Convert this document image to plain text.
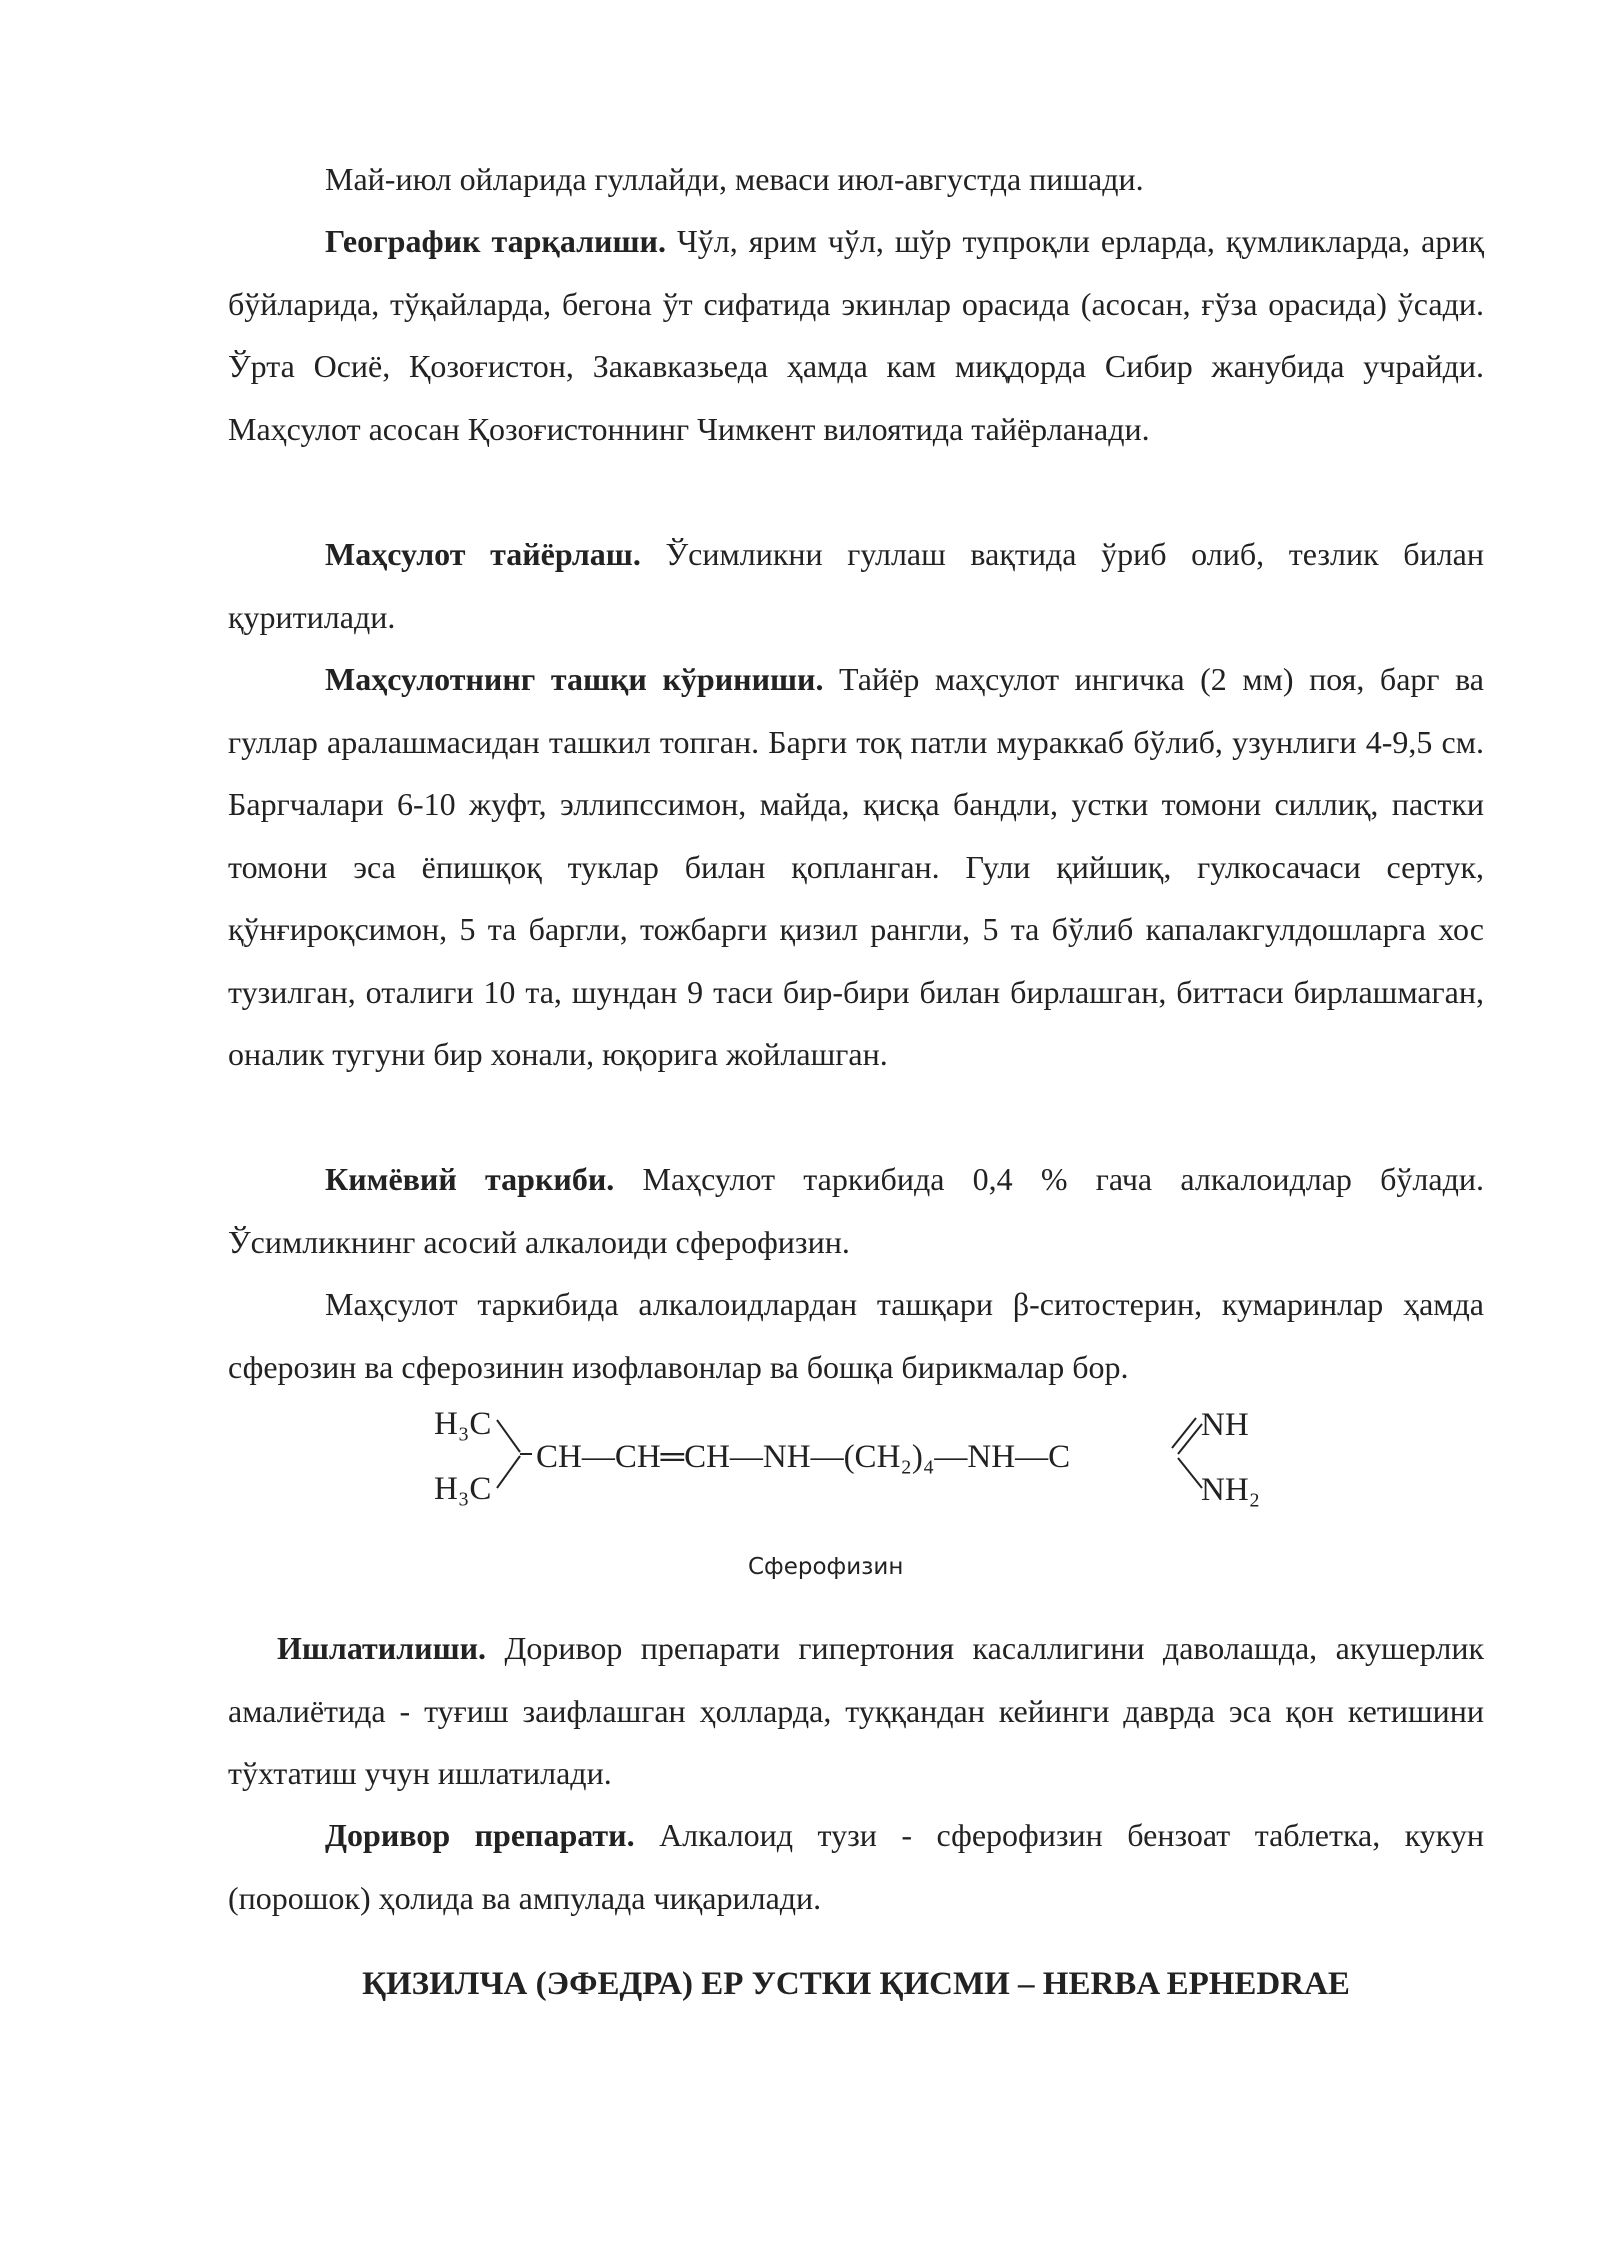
Май-июл ойларида гуллайди, меваси июл-августда пишади.

Географик тарқалиши. Чўл, ярим чўл, шўр тупроқли ерларда, қумликларда, ариқ бўйларида, тўқайларда, бегона ўт сифатида экинлар орасида (асосан, ғўза орасида) ўсади. Ўрта Осиё, Қозоғистон, Закавказьеда ҳамда кам миқдорда Сибир жанубида учрайди. Маҳсулот асосан Қозоғистоннинг Чимкент вилоятида тайёрланади.

Маҳсулот тайёрлаш. Ўсимликни гуллаш вақтида ўриб олиб, тезлик билан қуритилади.

Маҳсулотнинг ташқи кўриниши. Тайёр маҳсулот ингичка (2 мм) поя, барг ва гуллар аралашмасидан ташкил топган. Барги тоқ патли мураккаб бўлиб, узунлиги 4-9,5 см. Баргчалари 6-10 жуфт, эллипссимон, майда, қисқа бандли, устки томони силлиқ, пастки томони эса ёпишқоқ туклар билан қопланган. Гули қийшиқ, гулкосачаси сертук, қўнғироқсимон, 5 та баргли, тожбарги қизил рангли, 5 та бўлиб капалакгулдошларга хос тузилган, оталиги 10 та, шундан 9 таси бир-бири билан бирлашган, биттаси бирлашмаган, оналик тугуни бир хонали, юқорига жойлашган.

Кимёвий таркиби. Маҳсулот таркибида 0,4 % гача алкалоидлар бўлади. Ўсимликнинг асосий алкалоиди сферофизин.

Маҳсулот таркибида алкалоидлардан ташқари β-ситостерин, кумаринлар ҳамда сферозин ва сферозинин изофлавонлар ва бошқа бирикмалар бор.

H₃C
H₃C
CH—CH═CH—NH—(CH₂)₄—NH—C
NH
NH₂
Сферофизин

Ишлатилиши. Доривор препарати гипертония касаллигини даволашда, акушерлик амалиётида - туғиш заифлашган ҳолларда, туққандан кейинги даврда эса қон кетишини тўхтатиш учун ишлатилади.

Доривор препарати. Алкалоид тузи - сферофизин бензоат таблетка, кукун (порошок) ҳолида ва ампулада чиқарилади.

ҚИЗИЛЧА (ЭФЕДРА) ЕР УСТКИ ҚИСМИ – HERBA EPHEDRAE
